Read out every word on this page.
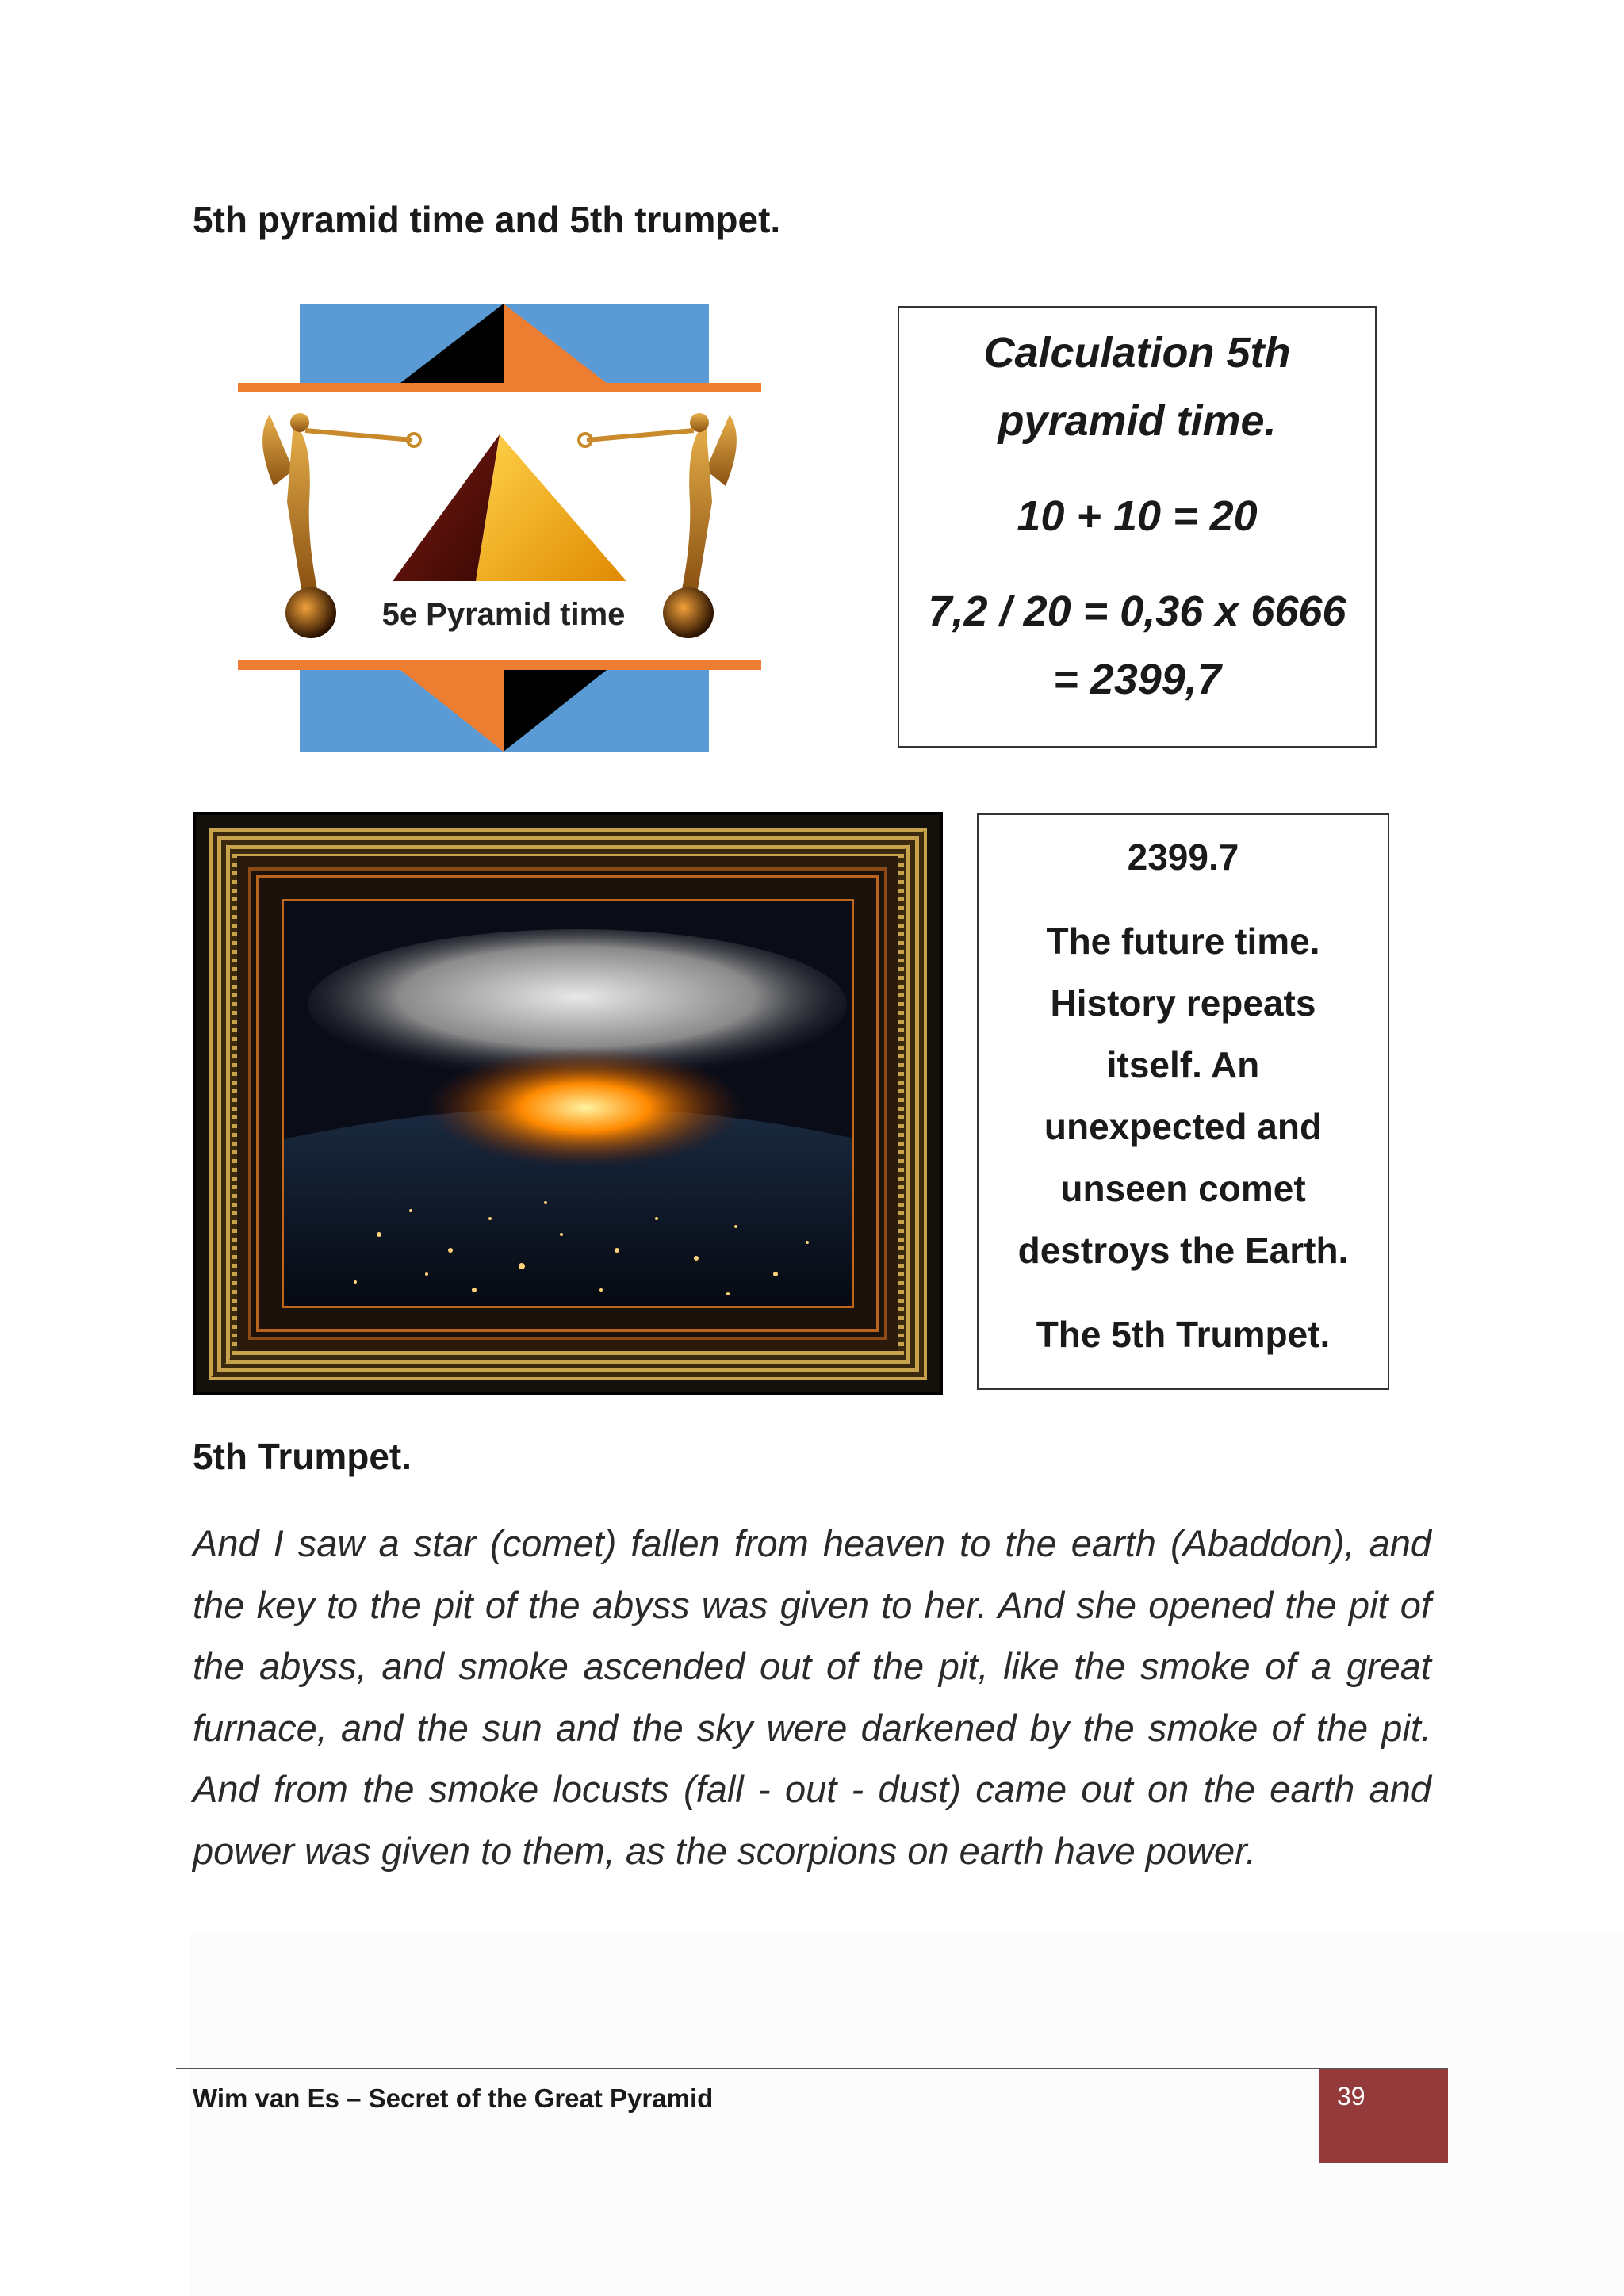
5th pyramid time and 5th trumpet.
5e Pyramid time

Calculation 5th

pyramid time.

10 + 10 = 20

7,2 / 20 = 0,36 x 6666

= 2399,7

2399.7

The future time.

History repeats

itself. An

unexpected and

unseen comet

destroys the Earth.

The 5th Trumpet.

5th Trumpet.

And I saw a star (comet) fallen from heaven to the earth (Abaddon), and the key to the pit of the abyss was given to her. And she opened the pit of the abyss, and smoke ascended out of the pit, like the smoke of a great furnace, and the sun and the sky were darkened by the smoke of the pit. And from the smoke locusts (fall - out - dust) came out on the earth and power was given to them, as the scorpions on earth have power.

Wim van Es – Secret of the Great Pyramid	39
